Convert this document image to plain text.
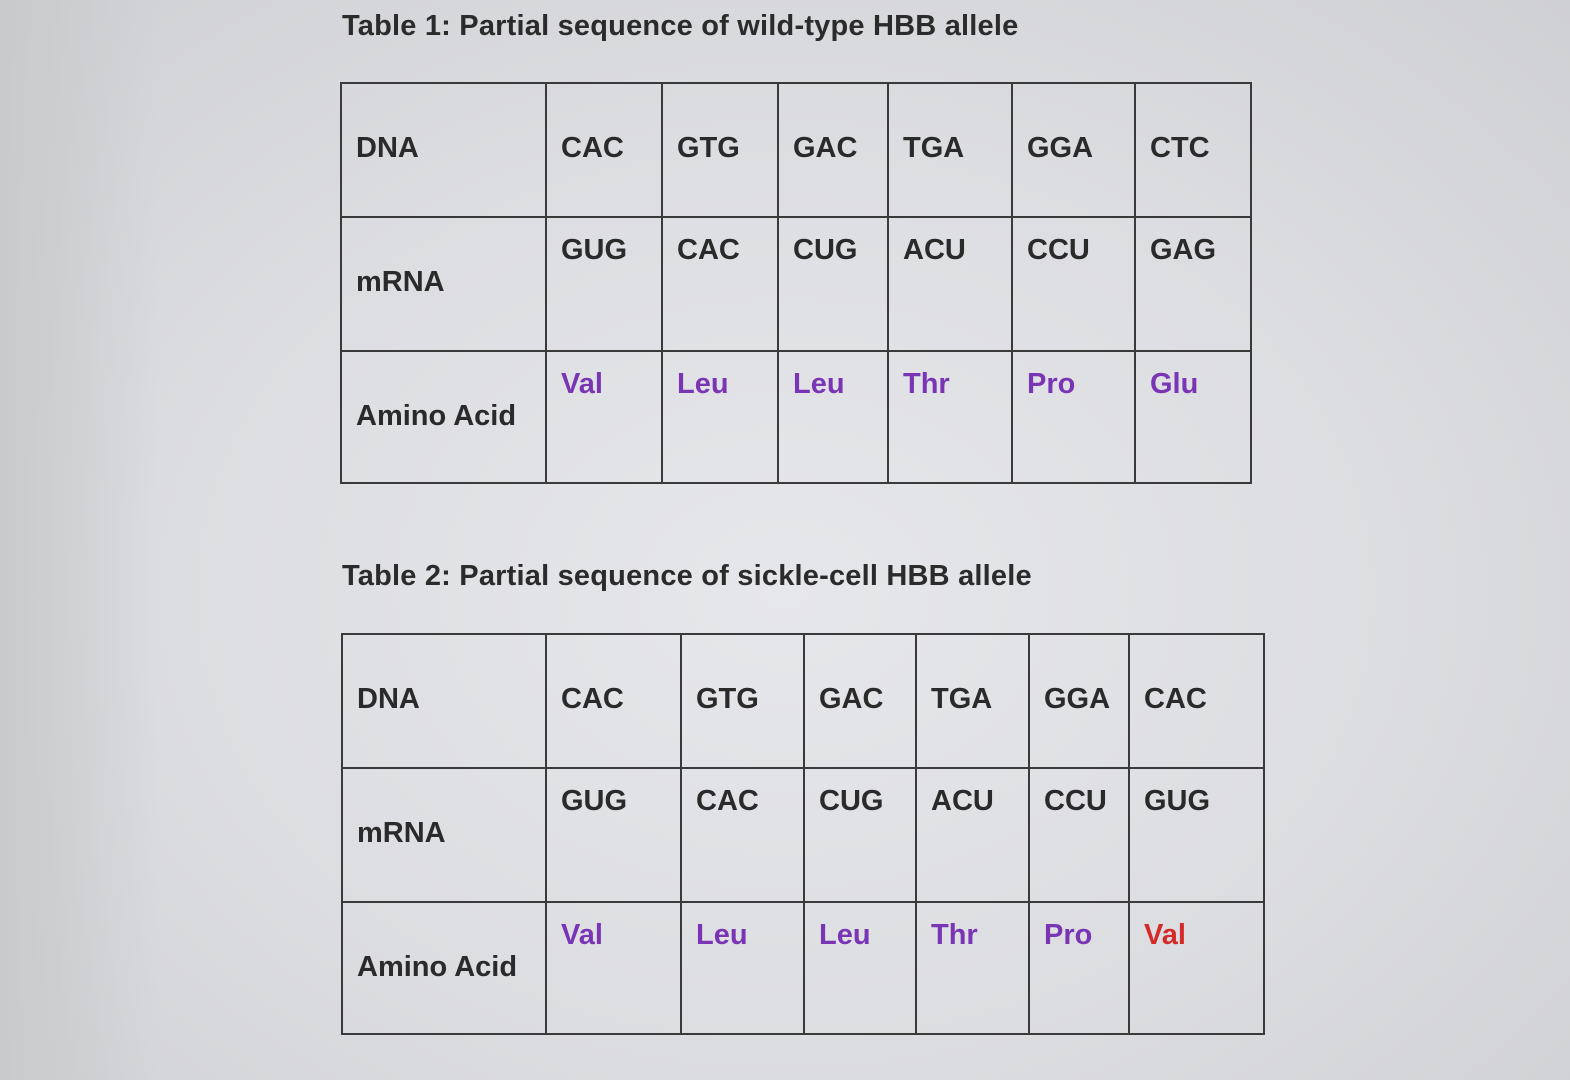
Table 1: Partial sequence of wild-type HBB allele
DNA	CAC	GTG	GAC	TGA	GGA	CTC
mRNA	GUG	CAC	CUG	ACU	CCU	GAG
Amino Acid	Val	Leu	Leu	Thr	Pro	Glu
Table 2: Partial sequence of sickle-cell HBB allele
DNA	CAC	GTG	GAC	TGA	GGA	CAC
mRNA	GUG	CAC	CUG	ACU	CCU	GUG
Amino Acid	Val	Leu	Leu	Thr	Pro	Val
